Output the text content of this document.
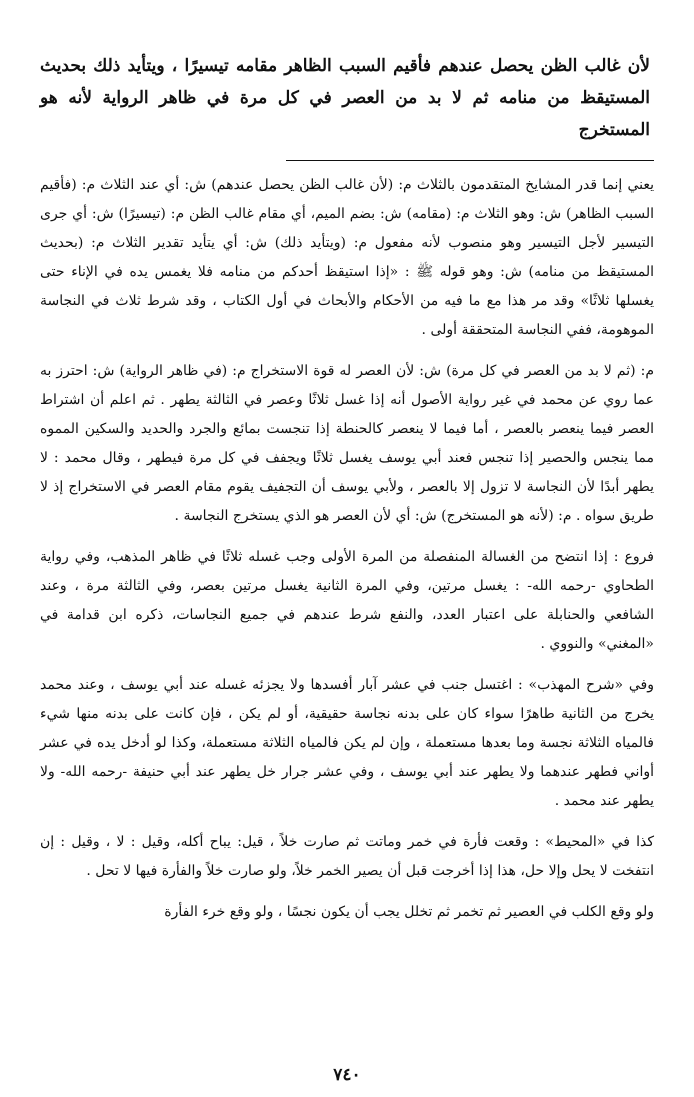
لأن غالب الظن يحصل عندهم فأقيم السبب الظاهر مقامه تيسيرًا ، ويتأيد ذلك بحديث المستيقظ من منامه ثم لا بد من العصر في كل مرة في ظاهر الرواية لأنه هو المستخرج

يعني إنما قدر المشايخ المتقدمون بالثلاث م: (لأن غالب الظن يحصل عندهم) ش: أي عند الثلاث م: (فأقيم السبب الظاهر) ش: وهو الثلاث م: (مقامه) ش: بضم الميم، أي مقام غالب الظن م: (تيسيرًا) ش: أي جرى التيسير لأجل التيسير وهو منصوب لأنه مفعول م: (ويتأيد ذلك) ش: أي يتأيد تقدير الثلاث م: (بحديث المستيقظ من منامه) ش: وهو قوله ﷺ : «إذا استيقظ أحدكم من منامه فلا يغمس يده في الإناء حتى يغسلها ثلاثًا» وقد مر هذا مع ما فيه من الأحكام والأبحاث في أول الكتاب ، وقد شرط ثلاث في النجاسة الموهومة، ففي النجاسة المتحققة أولى .

م: (ثم لا بد من العصر في كل مرة) ش: لأن العصر له قوة الاستخراج م: (في ظاهر الرواية) ش: احترز به عما روي عن محمد في غير رواية الأصول أنه إذا غسل ثلاثًا وعصر في الثالثة يطهر . ثم اعلم أن اشتراط العصر فيما ينعصر بالعصر ، أما فيما لا ينعصر كالحنطة إذا تنجست بمائع والجرد والحديد والسكين المموه مما ينجس والحصير إذا تنجس فعند أبي يوسف يغسل ثلاثًا ويجفف في كل مرة فيطهر ، وقال محمد : لا يطهر أبدًا لأن النجاسة لا تزول إلا بالعصر ، ولأبي يوسف أن التجفيف يقوم مقام العصر في الاستخراج إذ لا طريق سواه . م: (لأنه هو المستخرج) ش: أي لأن العصر هو الذي يستخرج النجاسة .

فروع : إذا انتضح من الغسالة المنفصلة من المرة الأولى وجب غسله ثلاثًا في ظاهر المذهب، وفي رواية الطحاوي -رحمه الله- : يغسل مرتين، وفي المرة الثانية يغسل مرتين بعصر، وفي الثالثة مرة ، وعند الشافعي والحنابلة على اعتبار العدد، والنفع شرط عندهم في جميع النجاسات، ذكره ابن قدامة في «المغني» والنووي .

وفي «شرح المهذب» : اغتسل جنب في عشر آبار أفسدها ولا يجزئه غسله عند أبي يوسف ، وعند محمد يخرج من الثانية طاهرًا سواء كان على بدنه نجاسة حقيقية، أو لم يكن ، فإن كانت على بدنه منها شيء فالمياه الثلاثة نجسة وما بعدها مستعملة ، وإن لم يكن فالمياه الثلاثة مستعملة، وكذا لو أدخل يده في عشر أواني فطهر عندهما ولا يطهر عند أبي يوسف ، وفي عشر جرار خل يطهر عند أبي حنيفة -رحمه الله- ولا يطهر عند محمد .

كذا في «المحيط» : وقعت فأرة في خمر وماتت ثم صارت خلاً ، قيل: يباح أكله، وقيل : لا ، وقيل : إن انتفخت لا يحل وإلا حل، هذا إذا أخرجت قبل أن يصير الخمر خلاً، ولو صارت خلاً والفأرة فيها لا تحل .

ولو وقع الكلب في العصير ثم تخمر ثم تخلل يجب أن يكون نجسًا ، ولو وقع خرء الفأرة

٧٤٠
